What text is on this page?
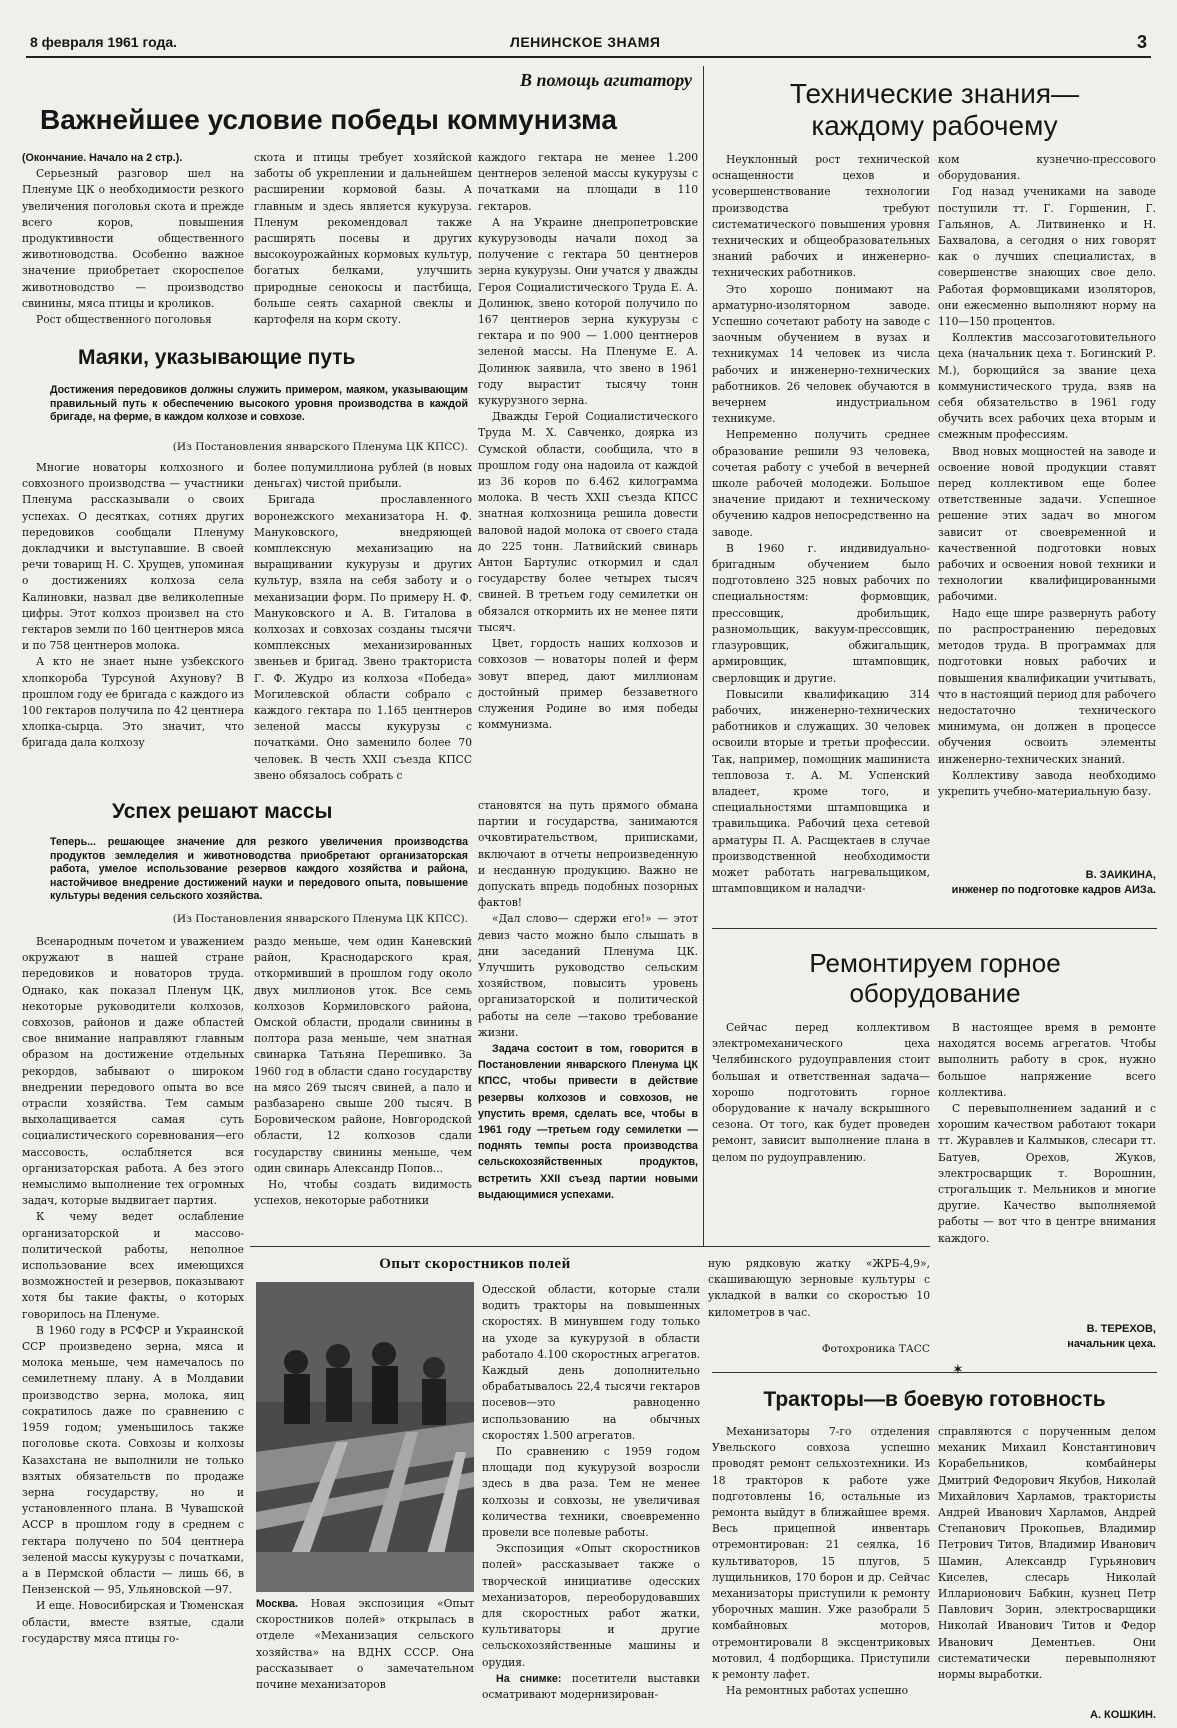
8 февраля 1961 года.	ЛЕНИНСКОЕ ЗНАМЯ	3
В помощь агитатору
Важнейшее условие победы коммунизма

(Окончание. Начало на 2 стр.).

Серьезный разговор шел на Пленуме ЦК о необходимости резкого увеличения поголовья скота и прежде всего коров, повышения продуктивности общественного животноводства. Особенно важное значение приобретает скороспелое животноводство — производство свинины, мяса птицы и кроликов.

Рост общественного поголовья

скота и птицы требует хозяйской заботы об укреплении и дальнейшем расширении кормовой базы. А главным и здесь является кукуруза. Пленум рекомендовал также расширять посевы и других высокоурожайных кормовых культур, богатых белками, улучшить природные сенокосы и пастбища, больше сеять сахарной свеклы и картофеля на корм скоту.

каждого гектара не менее 1.200 центнеров зеленой массы кукурузы с початками на площади в 110 гектаров.

А на Украине днепропетровские кукурузоводы начали поход за получение с гектара 50 центнеров зерна кукурузы. Они учатся у дважды Героя Социалистического Труда Е. А. Долинюк, звено которой получило по 167 центнеров зерна кукурузы с гектара и по 900 — 1.000 центнеров зеленой массы. На Пленуме Е. А. Долинюк заявила, что звено в 1961 году вырастит тысячу тонн кукурузного зерна.

Дважды Герой Социалистического Труда М. Х. Савченко, доярка из Сумской области, сообщила, что в прошлом году она надоила от каждой из 36 коров по 6.462 килограмма молока. В честь XXII съезда КПСС знатная колхозница решила довести валовой надой молока от своего стада до 225 тонн. Латвийский свинарь Антон Бартулис откормил и сдал государству более четырех тысяч свиней. В третьем году семилетки он обязался откормить их не менее пяти тысяч.

Цвет, гордость наших колхозов и совхозов — новаторы полей и ферм зовут вперед, дают миллионам достойный пример беззаветного служения Родине во имя победы коммунизма.

Маяки, указывающие путь
Достижения передовиков должны служить примером, маяком, указывающим правильный путь к обеспечению высокого уровня производства в каждой бригаде, на ферме, в каждом колхозе и совхозе.
(Из Постановления январского Пленума ЦК КПСС).

Многие новаторы колхозного и совхозного производства — участники Пленума рассказывали о своих успехах. О десятках, сотнях других передовиков сообщали Пленуму докладчики и выступавшие. В своей речи товарищ Н. С. Хрущев, упоминая о достижениях колхоза села Калиновки, назвал две великолепные цифры. Этот колхоз произвел на сто гектаров земли по 160 центнеров мяса и по 758 центнеров молока.

А кто не знает ныне узбекского хлопкороба Турсуной Ахунову? В прошлом году ее бригада с каждого из 100 гектаров получила по 42 центнера хлопка-сырца. Это значит, что бригада дала колхозу

более полумиллиона рублей (в новых деньгах) чистой прибыли.

Бригада прославленного воронежского механизатора Н. Ф. Мануковского, внедряющей комплексную механизацию на выращивании кукурузы и других культур, взяла на себя заботу и о механизации форм. По примеру Н. Ф. Мануковского и А. В. Гиталова в колхозах и совхозах созданы тысячи комплексных механизированных звеньев и бригад. Звено тракториста Г. Ф. Жудро из колхоза «Победа» Могилевской области собрало с каждого гектара по 1.165 центнеров зеленой массы кукурузы с початками. Оно заменило более 70 человек. В честь XXII съезда КПСС звено обязалось собрать с

Успех решают массы
Теперь... решающее значение для резкого увеличения производства продуктов земледелия и животноводства приобретают организаторская работа, умелое использование резервов каждого хозяйства и района, настойчивое внедрение достижений науки и передового опыта, повышение культуры ведения сельского хозяйства.
(Из Постановления январского Пленума ЦК КПСС).

Всенародным почетом и уважением окружают в нашей стране передовиков и новаторов труда. Однако, как показал Пленум ЦК, некоторые руководители колхозов, совхозов, районов и даже областей свое внимание направляют главным образом на достижение отдельных рекордов, забывают о широком внедрении передового опыта во все отрасли хозяйства. Тем самым выхолащивается самая суть социалистического соревнования—его массовость, ослабляется вся организаторская работа. А без этого немыслимо выполнение тех огромных задач, которые выдвигает партия.

К чему ведет ослабление организаторской и массово-политической работы, неполное использование всех имеющихся возможностей и резервов, показывают хотя бы такие факты, о которых говорилось на Пленуме.

В 1960 году в РСФСР и Украинской ССР произведено зерна, мяса и молока меньше, чем намечалось по семилетнему плану. А в Молдавии производство зерна, молока, яиц сократилось даже по сравнению с 1959 годом; уменьшилось также поголовье скота. Совхозы и колхозы Казахстана не выполнили не только взятых обязательств по продаже зерна государству, но и установленного плана. В Чувашской АССР в прошлом году в среднем с гектара получено по 504 центнера зеленой массы кукурузы с початками, а в Пермской области — лишь 66, в Пензенской — 95, Ульяновской —97.

И еще. Новосибирская и Тюменская области, вместе взятые, сдали государству мяса птицы го-

раздо меньше, чем один Каневский район, Краснодарского края, откормивший в прошлом году около двух миллионов уток. Все семь колхозов Кормиловского района, Омской области, продали свинины в полтора раза меньше, чем знатная свинарка Татьяна Перешивко. За 1960 год в области сдано государству на мясо 269 тысяч свиней, а пало и разбазарено свыше 200 тысяч. В Боровическом районе, Новгородской области, 12 колхозов сдали государству свинины меньше, чем один свинарь Александр Попов...

Но, чтобы создать видимость успехов, некоторые работники

становятся на путь прямого обмана партии и государства, занимаются очковтирательством, приписками, включают в отчеты непроизведенную и несданную продукцию. Важно не допускать впредь подобных позорных фактов!

«Дал слово— сдержи его!» — этот девиз часто можно было слышать в дни заседаний Пленума ЦК. Улучшить руководство сельским хозяйством, повысить уровень организаторской и политической работы на селе —таково требование жизни.

Задача состоит в том, говорится в Постановлении январского Пленума ЦК КПСС, чтобы привести в действие резервы колхозов и совхозов, не упустить время, сделать все, чтобы в 1961 году —третьем году семилетки — поднять темпы роста производства сельскохозяйственных продуктов, встретить XXII съезд партии новыми выдающимися успехами.

Технические знания—
каждому рабочему

Неуклонный рост технической оснащенности цехов и усовершенствование технологии производства требуют систематического повышения уровня технических и общеобразовательных знаний рабочих и инженерно-технических работников.

Это хорошо понимают на арматурно-изоляторном заводе. Успешно сочетают работу на заводе с заочным обучением в вузах и техникумах 14 человек из числа рабочих и инженерно-технических работников. 26 человек обучаются в вечернем индустриальном техникуме.

Непременно получить среднее образование решили 93 человека, сочетая работу с учебой в вечерней школе рабочей молодежи. Большое значение придают и техническому обучению кадров непосредственно на заводе.

В 1960 г. индивидуально-бригадным обучением было подготовлено 325 новых рабочих по специальностям: формовщик, прессовщик, дробильщик, разномольщик, вакуум-прессовщик, глазуровщик, обжигальщик, армировщик, штамповщик, сверловщик и другие.

Повысили квалификацию 314 рабочих, инженерно-технических работников и служащих. 30 человек освоили вторые и третьи профессии. Так, например, помощник машиниста тепловоза т. А. М. Успенский владеет, кроме того, и специальностями штамповщика и травильщика. Рабочий цеха сетевой арматуры П. А. Расщектаев в случае производственной необходимости может работать нагревальщиком, штамповщиком и наладчи-

ком кузнечно-прессового оборудования.

Год назад учениками на заводе поступили тт. Г. Горшенин, Г. Гальянов, А. Литвиненко и Н. Бахвалова, а сегодня о них говорят как о лучших специалистах, в совершенстве знающих свое дело. Работая формовщиками изоляторов, они ежесменно выполняют норму на 110—150 процентов.

Коллектив массозаготовительного цеха (начальник цеха т. Богинский Р. М.), борющийся за звание цеха коммунистического труда, взяв на себя обязательство в 1961 году обучить всех рабочих цеха вторым и смежным профессиям.

Ввод новых мощностей на заводе и освоение новой продукции ставят перед коллективом еще более ответственные задачи. Успешное решение этих задач во многом зависит от своевременной и качественной подготовки новых рабочих и освоения новой техники и технологии квалифицированными рабочими.

Надо еще шире развернуть работу по распространению передовых методов труда. В программах для подготовки новых рабочих и повышения квалификации учитывать, что в настоящий период для рабочего недостаточно технического минимума, он должен в процессе обучения освоить элементы инженерно-технических знаний.

Коллективу завода необходимо укрепить учебно-материальную базу.

В. ЗАИКИНА,
инженер по подготовке кадров АИЗа.
Ремонтируем горное
оборудование

Сейчас перед коллективом электромеханического цеха Челябинского рудоуправления стоит большая и ответственная задача—хорошо подготовить горное оборудование к началу вскрышного сезона. От того, как будет проведен ремонт, зависит выполнение плана в целом по рудоуправлению.

В настоящее время в ремонте находятся восемь агрегатов. Чтобы выполнить работу в срок, нужно большое напряжение всего коллектива.

С перевыполнением заданий и с хорошим качеством работают токари тт. Журавлев и Калмыков, слесари тт. Батуев, Орехов, Жуков, электросварщик т. Ворошнин, строгальщик т. Мельников и многие другие. Качество выполняемой работы — вот что в центре внимания каждого.

В. ТЕРЕХОВ,
начальник цеха.
Опыт скоростников полей

Москва. Новая экспозиция «Опыт скоростников полей» открылась в отделе «Механизация сельского хозяйства» на ВДНХ СССР. Она рассказывает о замечательном почине механизаторов

Одесской области, которые стали водить тракторы на повышенных скоростях. В минувшем году только на уходе за кукурузой в области работало 4.100 скоростных агрегатов. Каждый день дополнительно обрабатывалось 22,4 тысячи гектаров посевов—это равноценно использованию на обычных скоростях 1.500 агрегатов.

По сравнению с 1959 годом площади под кукурузой возросли здесь в два раза. Тем не менее колхозы и совхозы, не увеличивая количества техники, своевременно провели все полевые работы.

Экспозиция «Опыт скоростников полей» рассказывает также о творческой инициативе одесских механизаторов, переоборудовавших для скоростных работ жатки, культиваторы и другие сельскохозяйственные машины и орудия.

На снимке: посетители выставки осматривают модернизирован-

ную рядковую жатку «ЖРБ-4,9», скашивающую зерновые культуры с укладкой в валки со скоростью 10 километров в час.

Фотохроника ТАСС
✶
Тракторы—в боевую готовность

Механизаторы 7-го отделения Увельского совхоза успешно проводят ремонт сельхозтехники. Из 18 тракторов к работе уже подготовлены 16, остальные из ремонта выйдут в ближайшее время. Весь прицепной инвентарь отремонтирован: 21 сеялка, 16 культиваторов, 15 плугов, 5 лущильников, 170 борон и др. Сейчас механизаторы приступили к ремонту уборочных машин. Уже разобрали 5 комбайновых моторов, отремонтировали 8 эксцентриковых мотовил, 4 подборщика. Приступили к ремонту лафет.

На ремонтных работах успешно

справляются с порученным делом механик Михаил Константинович Корабельников, комбайнеры Дмитрий Федорович Якубов, Николай Михайлович Харламов, трактористы Андрей Иванович Харламов, Андрей Степанович Прокопьев, Владимир Петрович Титов, Владимир Иванович Шамин, Александр Гурьянович Киселев, слесарь Николай Илларионович Бабкин, кузнец Петр Павлович Зорин, электросварщики Николай Иванович Титов и Федор Иванович Дементьев. Они систематически перевыполняют нормы выработки.

А. КОШКИН.
